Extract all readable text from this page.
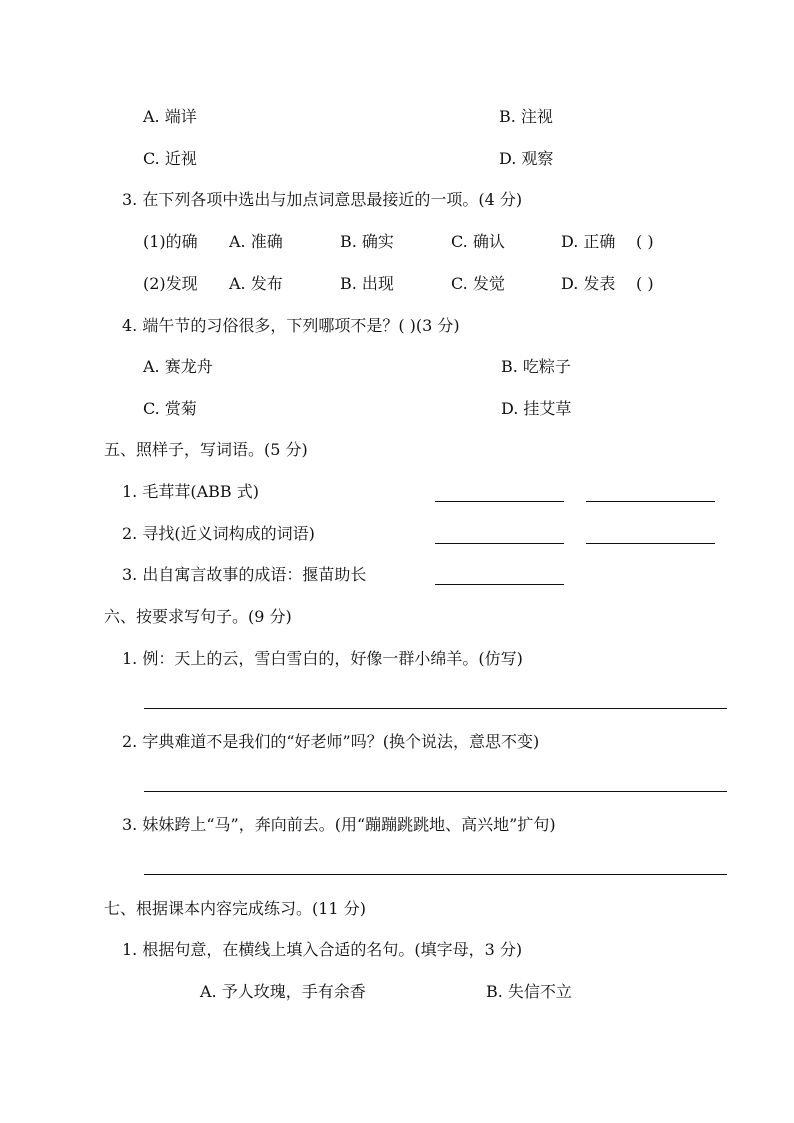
A. 端详	B. 注视
C. 近视	D. 观察
3. 在下列各项中选出与加点词意思最接近的一项。(4 分)
(1)的确 A. 准确	B. 确实	C. 确认	D. 正确 ( )
(2)发现 A. 发布	B. 出现	C. 发觉	D. 发表 ( )
4. 端午节的习俗很多，下列哪项不是？( )(3 分)
A. 赛龙舟	B. 吃粽子
C. 赏菊	D. 挂艾草
五、照样子，写词语。(5 分)
1. 毛茸茸(ABB 式)
2. 寻找(近义词构成的词语)
3. 出自寓言故事的成语：揠苗助长
六、按要求写句子。(9 分)
1. 例：天上的云，雪白雪白的，好像一群小绵羊。(仿写)
2. 字典难道不是我们的“好老师”吗？(换个说法，意思不变)
3. 妹妹跨上“马”，奔向前去。(用“蹦蹦跳跳地、高兴地”扩句)
七、根据课本内容完成练习。(11 分)
1. 根据句意，在横线上填入合适的名句。(填字母，3 分)
A. 予人玫瑰，手有余香	B. 失信不立
